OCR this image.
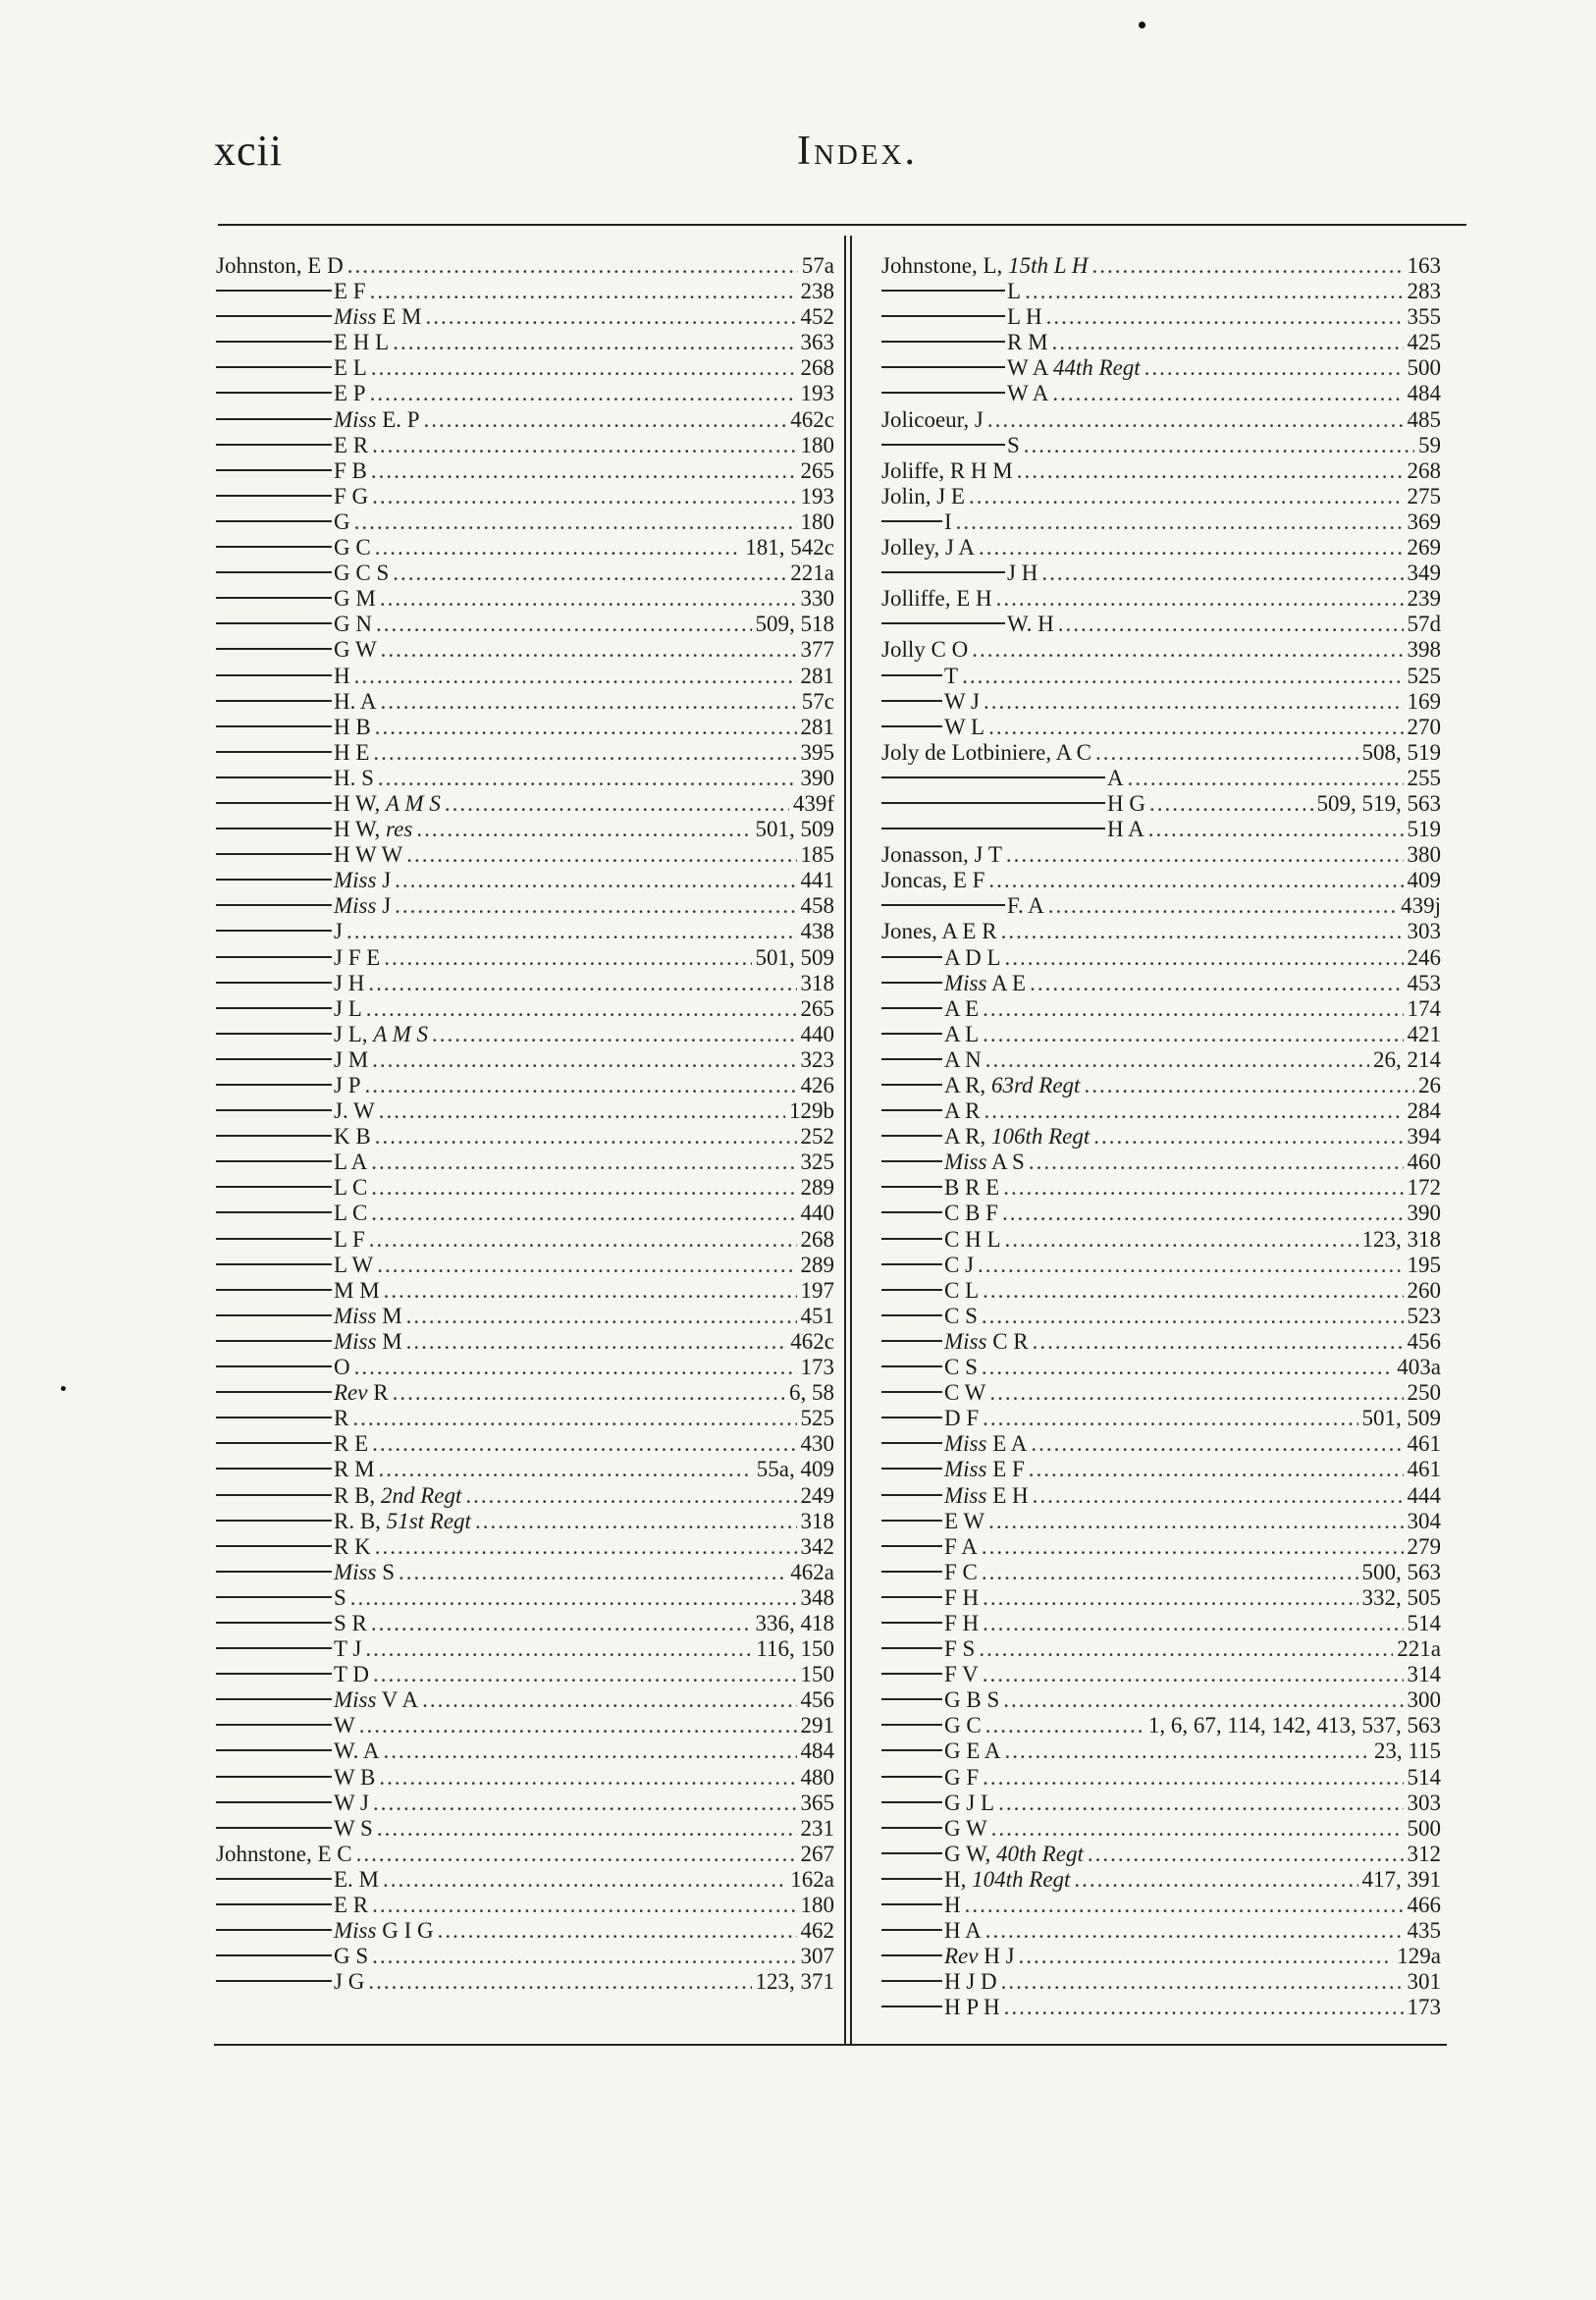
xcii	Index.
Johnston, E D .....	57a
E F .....	238
Miss E M .....	452
E H L .....	363
E L .....	268
E P .....	193
Miss E. P .....	462c
E R .....	180
F B .....	265
F G .....	193
G .....	180
G C .....	181, 542c
G C S .....	221a
G M .....	330
G N .....	509, 518
G W .....	377
H .....	281
H. A .....	57c
H B .....	281
H E .....	395
H. S .....	390
H W, A M S .....	439f
H W, res .....	501, 509
H W W .....	185
Miss J .....	441
Miss J .....	458
J .....	438
J F E .....	501, 509
J H .....	318
J L .....	265
J L, A M S .....	440
J M .....	323
J P .....	426
J. W .....	129b
K B .....	252
L A .....	325
L C .....	289
L C .....	440
L F .....	268
L W .....	289
M M .....	197
Miss M .....	451
Miss M .....	462c
O .....	173
Rev R .....	6, 58
R .....	525
R E .....	430
R M .....	55a, 409
R B, 2nd Regt .....	249
R. B, 51st Regt .....	318
R K .....	342
Miss S .....	462a
S .....	348
S R .....	336, 418
T J .....	116, 150
T D .....	150
Miss V A .....	456
W .....	291
W. A .....	484
W B .....	480
W J .....	365
W S .....	231
Johnstone, E C .....	267
E. M .....	162a
E R .....	180
Miss G I G .....	462
G S .....	307
J G .....	123, 371
Johnstone, L, 15th L H .....	163
L .....	283
L H .....	355
R M .....	425
W A 44th Regt .....	500
W A .....	484
Jolicoeur, J .....	485
S .....	59
Joliffe, R H M .....	268
Jolin, J E .....	275
I .....	369
Jolley, J A .....	269
J H .....	349
Jolliffe, E H .....	239
W. H .....	57d
Jolly C O .....	398
T .....	525
W J .....	169
W L .....	270
Joly de Lotbiniere, A C .....	508, 519
A .....	255
H G .....	509, 519, 563
H A .....	519
Jonasson, J T .....	380
Joncas, E F .....	409
F. A .....	439j
Jones, A E R .....	303
A D L .....	246
Miss A E .....	453
A E .....	174
A L .....	421
A N .....	26, 214
A R, 63rd Regt .....	26
A R .....	284
A R, 106th Regt .....	394
Miss A S .....	460
B R E .....	172
C B F .....	390
C H L .....	123, 318
C J .....	195
C L .....	260
C S .....	523
Miss C R .....	456
C S .....	403a
C W .....	250
D F .....	501, 509
Miss E A .....	461
Miss E F .....	461
Miss E H .....	444
E W .....	304
F A .....	279
F C .....	500, 563
F H .....	332, 505
F H .....	514
F S .....	221a
F V .....	314
G B S .....	300
G C .....	1, 6, 67, 114, 142, 413, 537, 563
G E A .....	23, 115
G F .....	514
G J L .....	303
G W .....	500
G W, 40th Regt .....	312
H, 104th Regt .....	417, 391
H .....	466
H A .....	435
Rev H J .....	129a
H J D .....	301
H P H .....	173
